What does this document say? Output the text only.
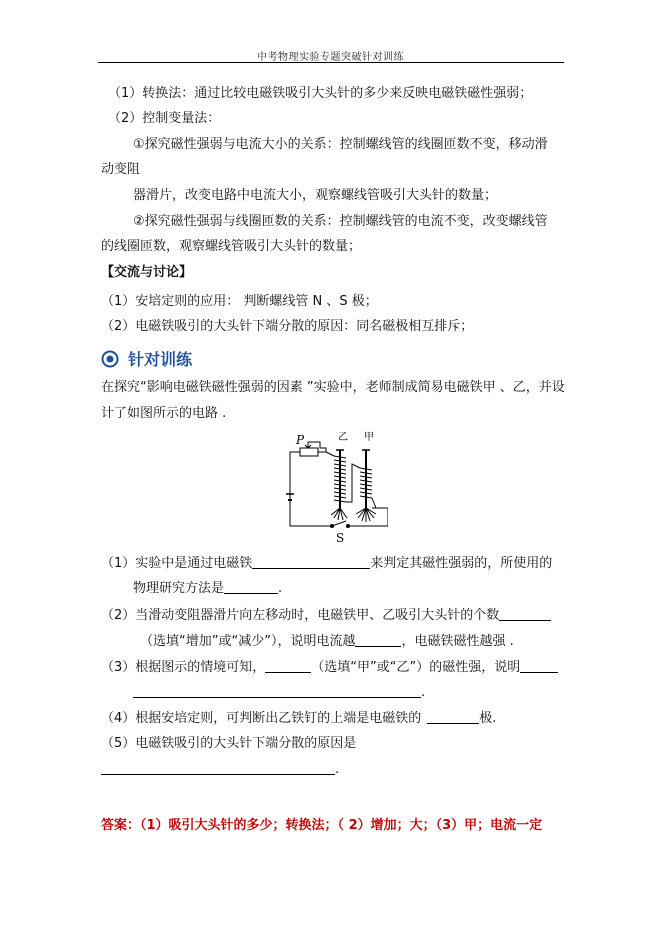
中考物理实验专题突破针对训练
（1）转换法：通过比较电磁铁吸引大头针的多少来反映电磁铁磁性强弱；
（2）控制变量法：
①探究磁性强弱与电流大小的关系：控制螺线管的线圈匝数不变，移动滑
动变阻
器滑片，改变电路中电流大小，观察螺线管吸引大头针的数量；
②探究磁性强弱与线圈匝数的关系：控制螺线管的电流不变，改变螺线管
的线圈匝数，观察螺线管吸引大头针的数量；
【交流与讨论】
（1）安培定则的应用： 判断螺线管 N 、S 极；
（2）电磁铁吸引的大头针下端分散的原因：同名磁极相互排斥；
针对训练
在探究“影响电磁铁磁性强弱的因素 ”实验中，老师制成简易电磁铁甲 、乙，并设
计了如图所示的电路 .
P	乙 甲
S
（1）实验中是通过电磁铁	来判定其磁性强弱的，所使用的
物理研究方法是	.
（2）当滑动变阻器滑片向左移动时，电磁铁甲、乙吸引大头针的个数
（选填“增加”或“减少”），说明电流越	，电磁铁磁性越强 .
（3）根据图示的情境可知，	（选填“甲”或“乙”）的磁性强，说明
.
（4）根据安培定则，可判断出乙铁钉的上端是电磁铁的	极.
（5）电磁铁吸引的大头针下端分散的原因是
.
答案：（1）吸引大头针的多少；转换法；（ 2）增加；大；（3）甲；电流一定
